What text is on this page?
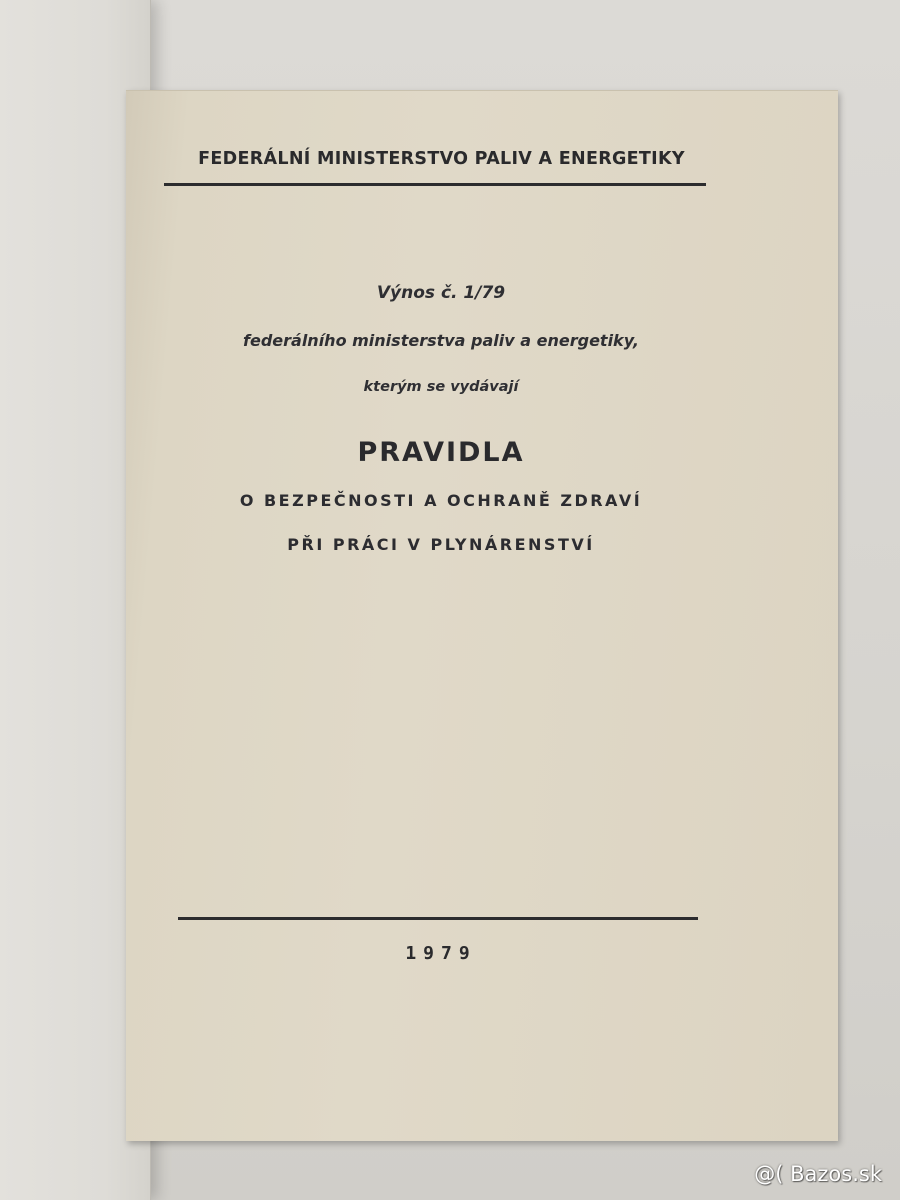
FEDERÁLNÍ MINISTERSTVO PALIV A ENERGETIKY
Výnos č. 1/79
federálního ministerstva paliv a energetiky,
kterým se vydávají
PRAVIDLA
O BEZPEČNOSTI A OCHRANĚ ZDRAVÍ
PŘI PRÁCI V PLYNÁRENSTVÍ
1979
@( Bazos.sk
